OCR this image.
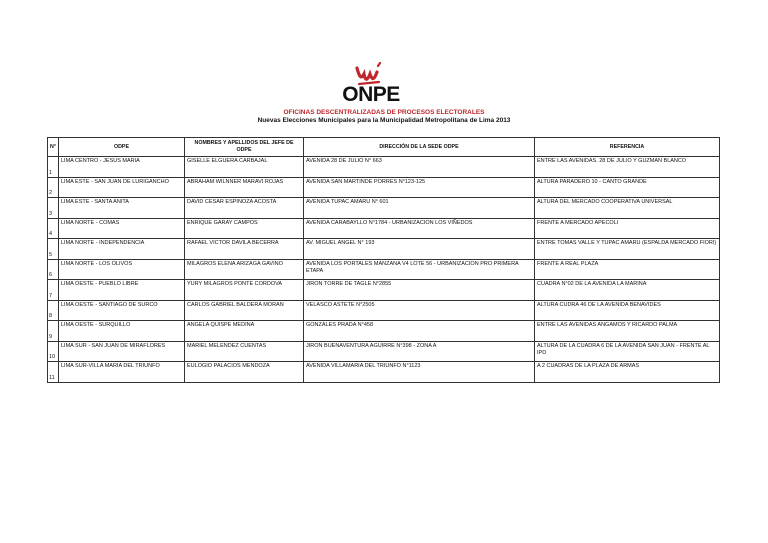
ONPE
OFICINAS DESCENTRALIZADAS DE PROCESOS ELECTORALES
Nuevas Elecciones Municipales para la Municipalidad Metropolitana de Lima 2013
N°	ODPE	NOMBRES Y APELLIDOS DEL JEFE DE ODPE	DIRECCIÓN DE LA SEDE ODPE	REFERENCIA
1	LIMA CENTRO - JESUS MARIA	GISELLE ELGUERA CARBAJAL	AVENIDA 28 DE JULIO N° 663	ENTRE LAS AVENIDAS. 28 DE JULIO Y GUZMAN BLANCO
2	LIMA ESTE - SAN JUAN DE LURIGANCHO	ABRAHAM WILNNER MARAVI ROJAS	AVENIDA SAN MARTINDE PORRES N°123-125	ALTURA PARADERO 10 - CANTO GRANDE
3	LIMA ESTE - SANTA ANITA	DAVID CESAR ESPINOZA ACOSTA	AVENIDA TUPAC AMARU N° 601	ALTURA DEL MERCADO COOPERATIVA UNIVERSAL
4	LIMA NORTE - COMAS	ENRIQUE GARAY CAMPOS	AVENIDA CARABAYLLO N°1784 - URBANIZACION LOS VIÑEDOS	FRENTE A MERCADO APECOLI
5	LIMA NORTE - INDEPENDENCIA	RAFAEL VICTOR DAVILA BECERRA	AV. MIGUEL ANGEL N° 193	ENTRE TOMAS VALLE Y TUPAC AMARU (ESPALDA MERCADO FIORI)
6	LIMA NORTE - LOS OLIVOS	MILAGROS ELENA ARIZAGA GAVINO	AVENIDA LOS PORTALES MANZANA V4 LOTE 56 - URBANIZACION PRO PRIMERA ETAPA	FRENTE A REAL PLAZA
7	LIMA OESTE - PUEBLO LIBRE	YURY MILAGROS PONTE CORDOVA	JIRON TORRE DE TAGLE N°2855	CUADRA N°02 DE LA AVENIDA LA MARINA
8	LIMA OESTE - SANTIAGO DE SURCO	CARLOS GABRIEL BALDERA MORAN	VELASCO ASTETE N°2505	ALTURA CUDRA 46 DE LA AVENIDA BENAVIDES
9	LIMA OESTE - SURQUILLO	ANGELA QUISPE MEDINA	GONZALES PRADA N°458	ENTRE LAS AVENIDAS ANGAMOS Y RICARDO PALMA
10	LIMA SUR - SAN JUAN DE MIRAFLORES	MARIEL MELENDEZ CUENTAS	JIRON BUENAVENTURA AGUIRRE N°398 - ZONA A	ALTURA DE LA CUADRA 6 DE LA AVENIDA SAN JUAN - FRENTE AL IPD
11	LIMA SUR-VILLA MARIA DEL TRIUNFO	EULOGIO PALACIOS MENDOZA	AVENIDA VILLAMARIA DEL TRIUNFO N°1123	A 2 CUADRAS DE LA PLAZA DE ARMAS
